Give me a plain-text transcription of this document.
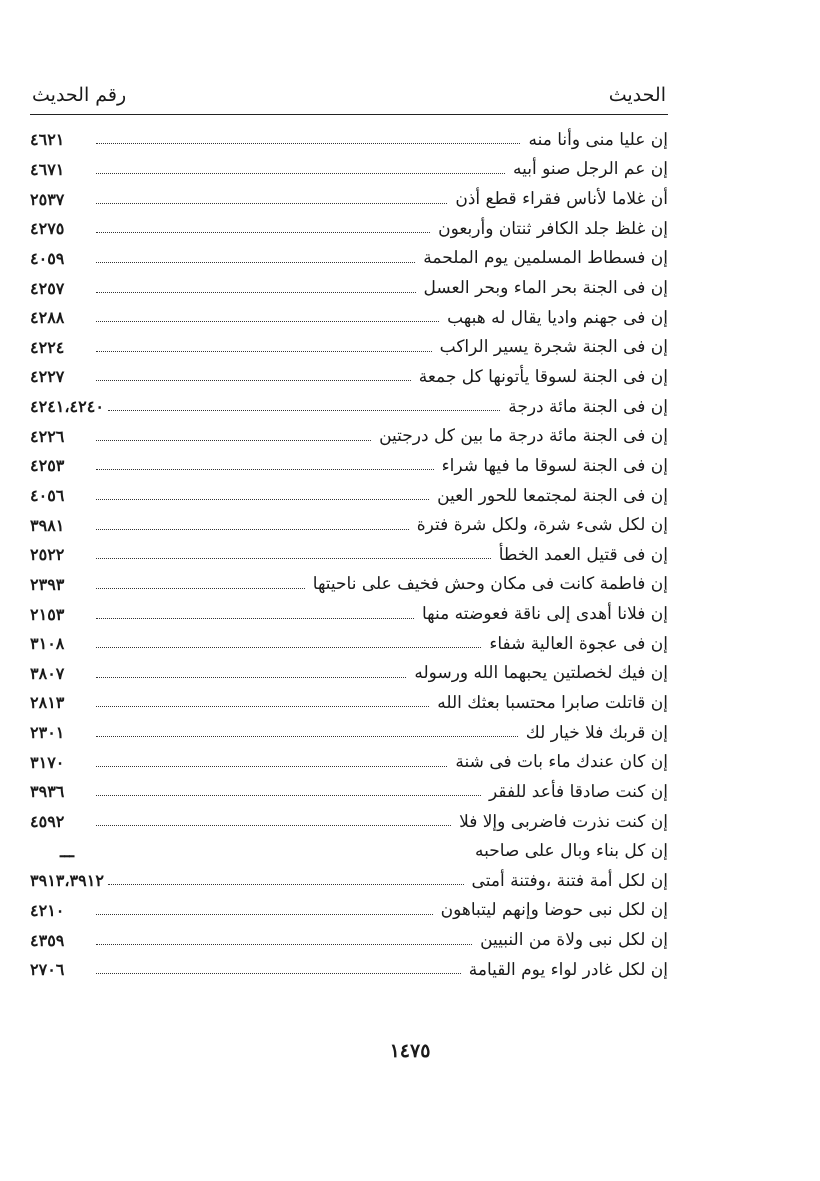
الحديث
رقم الحديث
إن عليا منى وأنا منه
٤٦٢١
إن عم الرجل صنو أبيه
٤٦٧١
أن غلاما لأناس فقراء قطع أذن
٢٥٣٧
إن غلظ جلد الكافر ثنتان وأربعون
٤٢٧٥
إن فسطاط المسلمين يوم الملحمة
٤٠٥٩
إن فى الجنة بحر الماء وبحر العسل
٤٢٥٧
إن فى جهنم واديا يقال له هبهب
٤٢٨٨
إن فى الجنة شجرة يسير الراكب
٤٢٢٤
إن فى الجنة لسوقا يأتونها كل جمعة
٤٢٢٧
إن فى الجنة مائة درجة
٤٢٤١،٤٢٤٠
إن فى الجنة مائة درجة ما بين كل درجتين
٤٢٢٦
إن فى الجنة لسوقا ما فيها شراء
٤٢٥٣
إن فى الجنة لمجتمعا للحور العين
٤٠٥٦
إن لكل شىء شرة، ولكل شرة فترة
٣٩٨١
إن فى قتيل العمد الخطأ
٢٥٢٢
إن فاطمة كانت فى مكان وحش فخيف على ناحيتها
٢٣٩٣
إن فلانا أهدى إلى ناقة فعوضته منها
٢١٥٣
إن فى عجوة العالية شفاء
٣١٠٨
إن فيك لخصلتين يحبهما الله ورسوله
٣٨٠٧
إن قاتلت صابرا محتسبا بعثك الله
٢٨١٣
إن قربك فلا خيار لك
٢٣٠١
إن كان عندك ماء بات فى شنة
٣١٧٠
إن كنت صادقا فأعد للفقر
٣٩٣٦
إن كنت نذرت فاضربى وإلا فلا
٤٥٩٢
إن كل بناء وبال على صاحبه
ـــ
إن لكل أمة فتنة ،وفتنة أمتى
٣٩١٣،٣٩١٢
إن لكل نبى حوضا وإنهم ليتباهون
٤٢١٠
إن لكل نبى ولاة من النبيين
٤٣٥٩
إن لكل غادر لواء يوم القيامة
٢٧٠٦
١٤٧٥
